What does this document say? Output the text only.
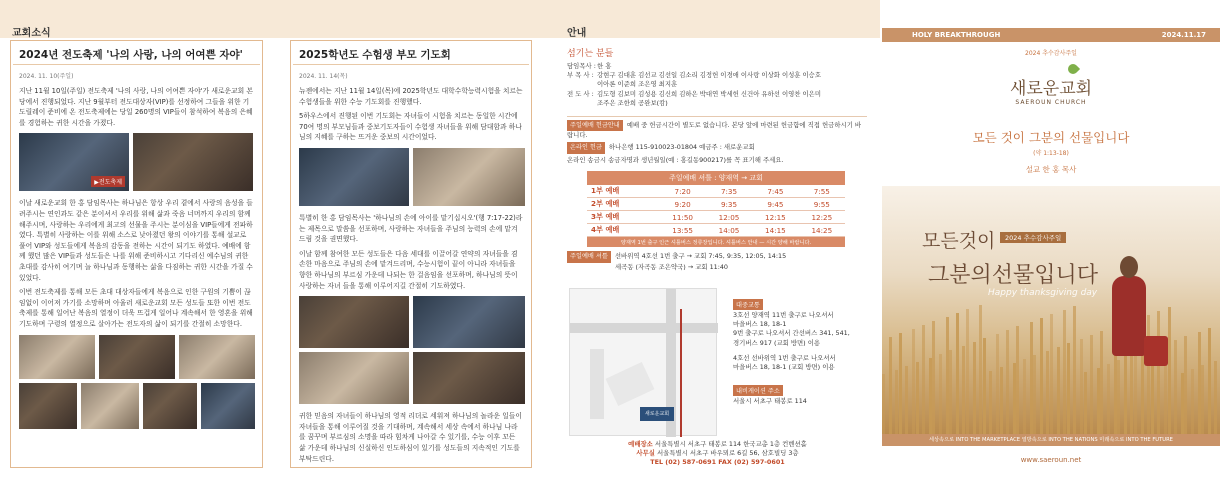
교회소식
2024년 전도축제 '나의 사랑, 나의 어여쁜 자야'
2024. 11. 10(주일)
지난 11월 10일(주일) 전도축제 '나의 사랑, 나의 어여쁜 자야'가 새로운교회 본당에서 진행되었다. 지난 9월부터 전도대상자(VIP)를 선정하여 그들을 위한 기도릴레이 준비에 온 전도축제에는 당일 260명의 VIP들이 참석하여 복음의 은혜를 경험하는 귀한 시간을 가졌다.
▶전도축제
이날 새로운교회 한 홍 담임목사는 하나님은 항상 우리 곁에서 사랑의 음성을 들려주시는 연인과도 같은 분이셔서 우리를 위해 삶과 죽음 너머까지 우리의 함께 해주시며, 사랑하는 우리에게 최고의 선물을 주시는 분이심을 VIP들에게 전파하였다. 특별히 사랑하는 이를 위해 소스로 낮아졌던 왕의 이야기를 통해 설교로 풀어 VIP와 성도들에게 복음의 감동을 전하는 시간이 되기도 하였다. 예배에 함께 했던 많은 VIP들과 성도들은 나를 위해 준비하시고 기다리신 예수님의 귀한 초대를 감사히 여기며 늘 하나님과 동행하는 삶을 다짐하는 귀한 시간을 가질 수 있었다.
이번 전도축제를 통해 모든 초대 대상자들에게 복음으로 인한 구원의 기쁨이 끊임없이 이어져 가기를 소망하며 아울러 새로운교회 모든 성도들 또한 이번 전도축제를 통해 일어난 복음의 열정이 더욱 뜨겁게 일어나 계속해서 한 영혼을 위해 기도하며 구령의 열정으로 살아가는 전도자의 삶이 되기를 간절히 소망한다.
2025학년도 수험생 부모 기도회
2024. 11. 14(목)
뉴젠에서는 지난 11월 14일(목)에 2025학년도 대학수학능력시험을 치르는 수험생들을 위한 수능 기도회를 진행했다.
5하우스에서 진행된 이번 기도회는 자녀들이 시험을 치르는 동일한 시간에 70여 명의 부모님들과 중보기도자들이 수험생 자녀들을 위해 담대함과 하나님의 지혜를 구하는 뜨거운 중보의 시간이었다.
특별히 한 홍 담임목사는 '하나님의 손에 아이를 맡기십시오'(행 7:17-22)라는 제목으로 말씀을 선포하며, 사랑하는 자녀들을 주님의 능력의 손에 맡겨드림 것을 권면했다.
이날 함께 참여한 모든 성도들은 다음 세대를 이끌어갈 연약의 자녀들을 겸손한 마음으로 주님의 손에 맡겨드리며, 수능시험이 끝이 아니라 자녀들을 향한 하나님의 부르심 가운데 나되는 한 걸음임을 선포하며, 하나님의 뜻이 사랑하는 자녀 들을 통해 이루어지길 간절히 기도하였다.
귀한 믿음의 자녀들이 하나님의 영적 리더로 세워져 하나님의 놀라운 일들이 자녀들을 통해 이루어질 것을 기대하며, 계속해서 세상 속에서 하나님 나라를 꿈꾸며 부르심의 소명을 따라 힘차게 나아갈 수 있기를, 수능 이후 꼬든 삶 가운데 하나님의 신실하신 인도하심이 있기를 성도들의 지속적인 기도를 부탁드린다.
안내
섬기는 분들
담임목사 :한 홍
부 목 사 : 강현구 김대훈 김선교 김선일 김소리 김정헌 이경애 이사랑 이상화 이성훈 이승호
이아론 이준희 조은영 최지훈
전 도 사 : 김도형 김보미 김성용 김신희 김하은 박대연 박세헌 신건아 유하선 이영찬 이은미
조주은 조한희 공완보(캄)
주일예배 헌금안내 예배 중 헌금시간이 별도로 없습니다. 본당 앞에 마련된 헌금함에 직접 헌금하시기 바랍니다.
온라인 헌금 하나은행 115-910023-01804 예금주 : 새로운교회
온라인 송금시 송금자명과 생년월일(예 : 홍길동900217)를 꼭 표기해 주세요.
주일예배 셔틀 : 양재역 → 교회
1부 예배	7:20	7:35	7:45	7:55
2부 예배	9:20	9:35	9:45	9:55
3부 예배	11:50	12:05	12:15	12:25
4부 예배	13:55	14:05	14:15	14:25
양재역 1번 출구 인근 셔틀버스 정류장입니다. 셔틀버스 안내 — 시간 양해 바랍니다.
주일예배 셔틀 선바위역 4호선 1번 출구 → 교회 7:45, 9:35, 12:05, 14:15
세곡동 (자곡동 조은약국) → 교회 11:40
새로운교회
대중교통
3호선 양재역 11번 출구로 나오셔서
마을버스 18, 18-1
9번 출구로 나오셔서 간선버스 341, 541,
경기버스 917 (교회 방면) 이용
4호선 선바위역 1번 출구로 나오셔서
마을버스 18, 18-1 (교회 방면) 이용
내비게이션 주소
서울시 서초구 태봉로 114
예배장소 서울특별시 서초구 태봉로 114 한국교총 1층 컨벤션홀
사무실 서울특별시 서초구 바우뫼로 6길 56, 삼호빌딩 3층
TEL (02) 587-0691 FAX (02) 597-0601
HOLY BREAKTHROUGH	2024.11.17
2024 추수감사주일
새로운교회
SAEROUN CHURCH
모든 것이 그분의 선물입니다
(약 1:13-18)
설교 한 홍 목사
모든것이	2024 추수감사주일
그분의선물입니다
Happy thanksgiving day
세상속으로 INTO THE MARKETPLACE 열방속으로 INTO THE NATIONS 미래속으로 INTO THE FUTURE
www.saeroun.net
